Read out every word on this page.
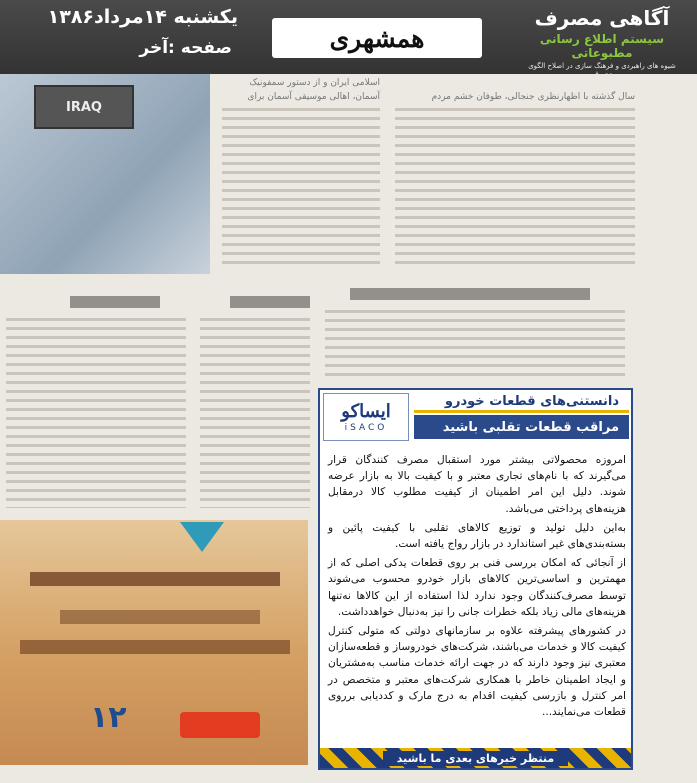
یکشنبه ۱۴مرداد۱۳۸۶
صفحه :آخر	همشهری
آگاهی مصرف
سیستم اطلاع رسانی مطبوعاتی
شیوه های راهبردی و فرهنگ سازی در اصلاح الگوی
IRAQ
اسلامی ایران و از دستور سمفونیک
آسمان، اهالی موسیقی آسمان برای	سال گذشته با اظهارنظری جنجالی، طوفان خشم مردم
۱۲
ایساکو
iSACO
دانستنی‌های قطعات خودرو
مراقب قطعات تقلبی باشید

امروزه محصولاتی بیشتر مورد استقبال مصرف کنندگان قرار می‌گیرند که با نام‌های تجاری معتبر و با کیفیت بالا به بازار عرضه شوند. دلیل این امر اطمینان از کیفیت مطلوب کالا درمقابل هزینه‌های پرداختی می‌باشد.

به‌این دلیل تولید و توزیع کالاهای تقلبی با کیفیت پائین و بسته‌بندی‌های غیر استاندارد در بازار رواج یافته است.

از آنجائی که امکان بررسی فنی بر روی قطعات یدکی اصلی که از مهمترین و اساسی‌ترین کالاهای بازار خودرو محسوب می‌شوند توسط مصرف‌کنندگان وجود ندارد لذا استفاده از این کالاها نه‌تنها هزینه‌های مالی زیاد بلکه خطرات جانی را نیز به‌دنبال خواهدداشت.

در کشورهای پیشرفته علاوه بر سازمانهای دولتی که متولی کنترل کیفیت کالا و خدمات می‌باشند، شرکت‌های خودروساز و قطعه‌سازان معتبری نیز وجود دارند که در جهت ارائه خدمات مناسب به‌مشتریان و ایجاد اطمینان خاطر با همکاری شرکت‌های معتبر و متخصص در امر کنترل و بازرسی کیفیت اقدام به درج مارک و کددیابی برروی قطعات می‌نمایند...

منتظر خبرهای بعدی ما باشید
